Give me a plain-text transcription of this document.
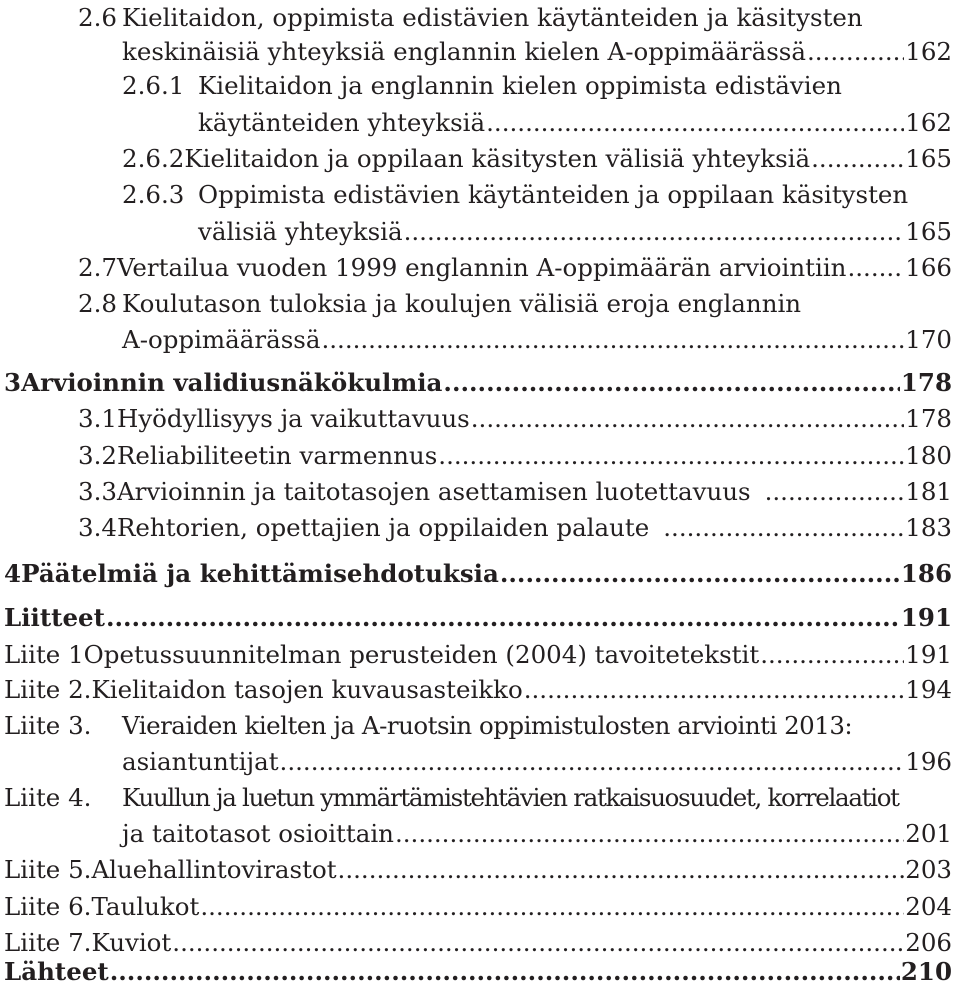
2.6 Kielitaidon, oppimista edistävien käytänteiden ja käsitysten
keskinäisiä yhteyksiä englannin kielen A-oppimäärässä .....	162
2.6.1 Kielitaidon ja englannin kielen oppimista edistävien
käytänteiden yhteyksiä .....	162
2.6.2 Kielitaidon ja oppilaan käsitysten välisiä yhteyksiä .....	165
2.6.3 Oppimista edistävien käytänteiden ja oppilaan käsitysten
välisiä yhteyksiä .....	165
2.7 Vertailua vuoden 1999 englannin A-oppimäärän arviointiin ..... 166
2.8 Koulutason tuloksia ja koulujen välisiä eroja englannin
A-oppimäärässä .....	170
3 Arvioinnin validiusnäkökulmia .....	178
3.1 Hyödyllisyys ja vaikuttavuus .....	178
3.2 Reliabiliteetin varmennus .....	180
3.3 Arvioinnin ja taitotasojen asettamisen luotettavuus .....	181
3.4 Rehtorien, opettajien ja oppilaiden palaute .....	183
4 Päätelmiä ja kehittämisehdotuksia .....	186
Liitteet .....	191
Liite 1 Opetussuunnitelman perusteiden (2004) tavoitetekstit .....	191
Liite 2. Kielitaidon tasojen kuvausasteikko .....	194
Liite 3.	Vieraiden kielten ja A-ruotsin oppimistulosten arviointi 2013:
asiantuntijat .....	196
Liite 4.	Kuullun ja luetun ymmärtämistehtävien ratkaisuosuudet, korrelaatiot
ja taitotasot osioittain .....	201
Liite 5. Aluehallintovirastot .....	203
Liite 6. Taulukot .....	204
Liite 7. Kuviot .....	206
Lähteet .....	210
